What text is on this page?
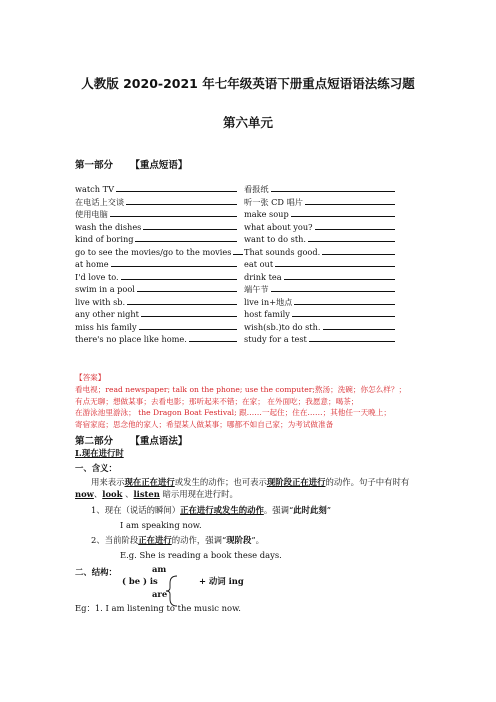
人教版 2020-2021 年七年级英语下册重点短语语法练习题
第六单元
第一部分 【重点短语】
watch TV	看报纸
在电话上交谈	听一张 CD 唱片
使用电脑	make soup
wash the dishes	what about you?
kind of boring	want to do sth.
go to see the movies/go to the movies	That sounds good.
at home	eat out
I'd love to.	drink tea
swim in a pool	端午节
live with sb.	live in+地点
any other night	host family
miss his family	wish(sb.)to do sth.
there's no place like home.	study for a test
【答案】
看电视；read newspaper; talk on the phone; use the computer;熬汤；洗碗；你怎么样？；
有点无聊；想做某事；去看电影；那听起来不错；在家； 在外面吃；我愿意；喝茶；
在游泳池里游泳； the Dragon Boat Festival; 跟……一起住；住在……；其他任一天晚上；
寄宿家庭；思念他的家人；希望某人做某事；哪都不如自己家；为考试做准备
第二部分 【重点语法】
I.现在进行时
一、含义：
用来表示现在正在进行或发生的动作；也可表示现阶段正在进行的动作。句子中有时有
now、look 、listen 暗示用现在进行时。
1、现在（说话的瞬间）正在进行或发生的动作。强调“此时此刻”
I am speaking now.
2、当前阶段正在进行的动作，强调“现阶段”。
E.g. She is reading a book these days.
二、结构：	am
( be ) is
are
+ 动词 ing
Eg：1. I am listening to the music now.
